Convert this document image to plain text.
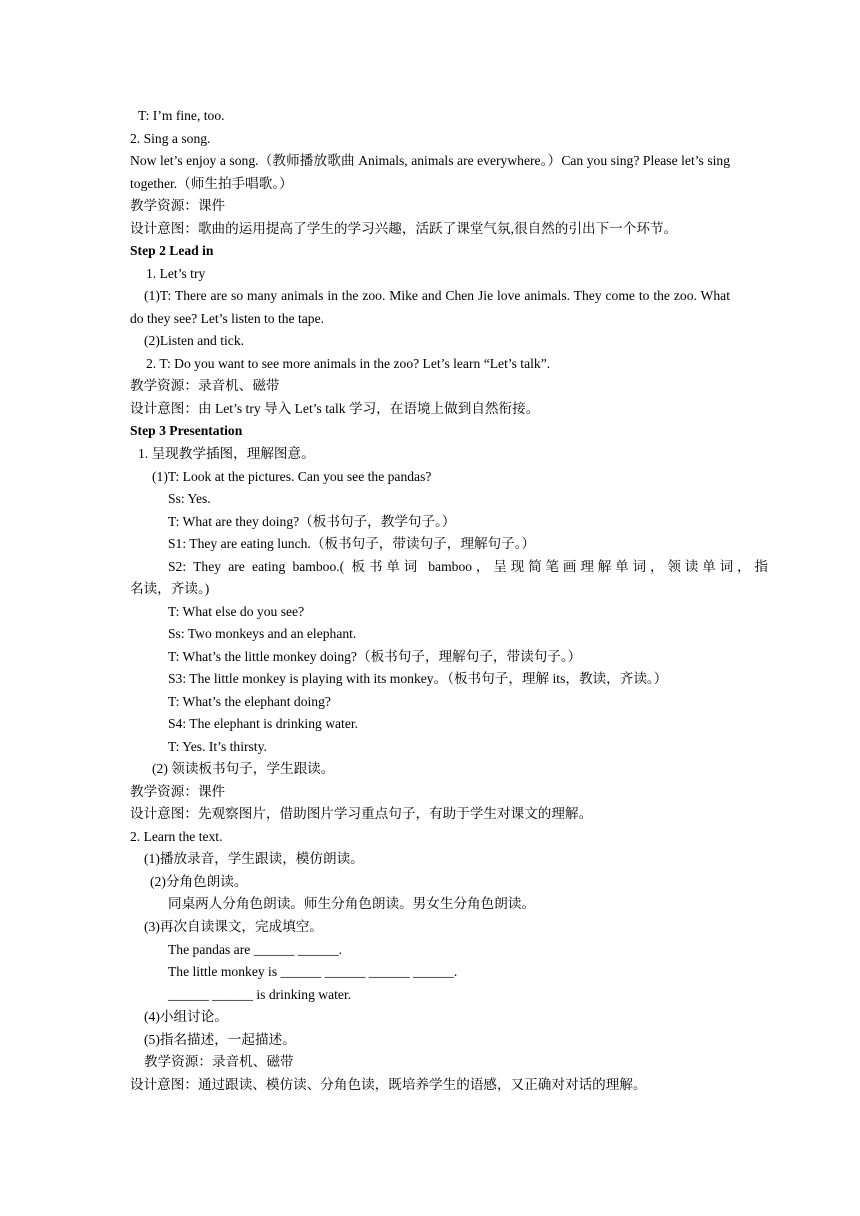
T: I’m fine, too.
2. Sing a song.
Now let’s enjoy a song.（教师播放歌曲 Animals, animals are everywhere。）Can you sing? Please let’s sing together.（师生拍手唱歌。）
教学资源：课件
设计意图：歌曲的运用提高了学生的学习兴趣，活跃了课堂气氛,很自然的引出下一个环节。
Step 2 Lead in
1. Let’s try
(1)T: There are so many animals in the zoo. Mike and Chen Jie love animals. They come to the zoo. What do they see? Let’s listen to the tape.
(2)Listen and tick.
2. T: Do you want to see more animals in the zoo? Let’s learn “Let’s talk”.
教学资源：录音机、磁带
设计意图：由 Let’s try 导入 Let’s talk 学习，在语境上做到自然衔接。
Step 3 Presentation
1. 呈现教学插图，理解图意。
(1)T: Look at the pictures. Can you see the pandas?
Ss: Yes.
T: What are they doing?（板书句子，教学句子。）
S1: They are eating lunch.（板书句子，带读句子，理解句子。）
S2: They are eating bamboo.( 板书单词 bamboo，呈现简笔画理解单词，领读单词，指
名读，齐读。)
T: What else do you see?
Ss: Two monkeys and an elephant.
T: What’s the little monkey doing?（板书句子，理解句子，带读句子。）
S3: The little monkey is playing with its monkey。（板书句子，理解 its，教读，齐读。）
T: What’s the elephant doing?
S4: The elephant is drinking water.
T: Yes. It’s thirsty.
(2) 领读板书句子，学生跟读。
教学资源：课件
设计意图：先观察图片，借助图片学习重点句子，有助于学生对课文的理解。
2. Learn the text.
(1)播放录音，学生跟读，模仿朗读。
(2)分角色朗读。
同桌两人分角色朗读。师生分角色朗读。男女生分角色朗读。
(3)再次自读课文，完成填空。
The pandas are ______ ______.
The little monkey is ______ ______ ______ ______.
______ ______ is drinking water.
(4)小组讨论。
(5)指名描述，一起描述。
教学资源：录音机、磁带
设计意图：通过跟读、模仿读、分角色读，既培养学生的语感，又正确对对话的理解。
